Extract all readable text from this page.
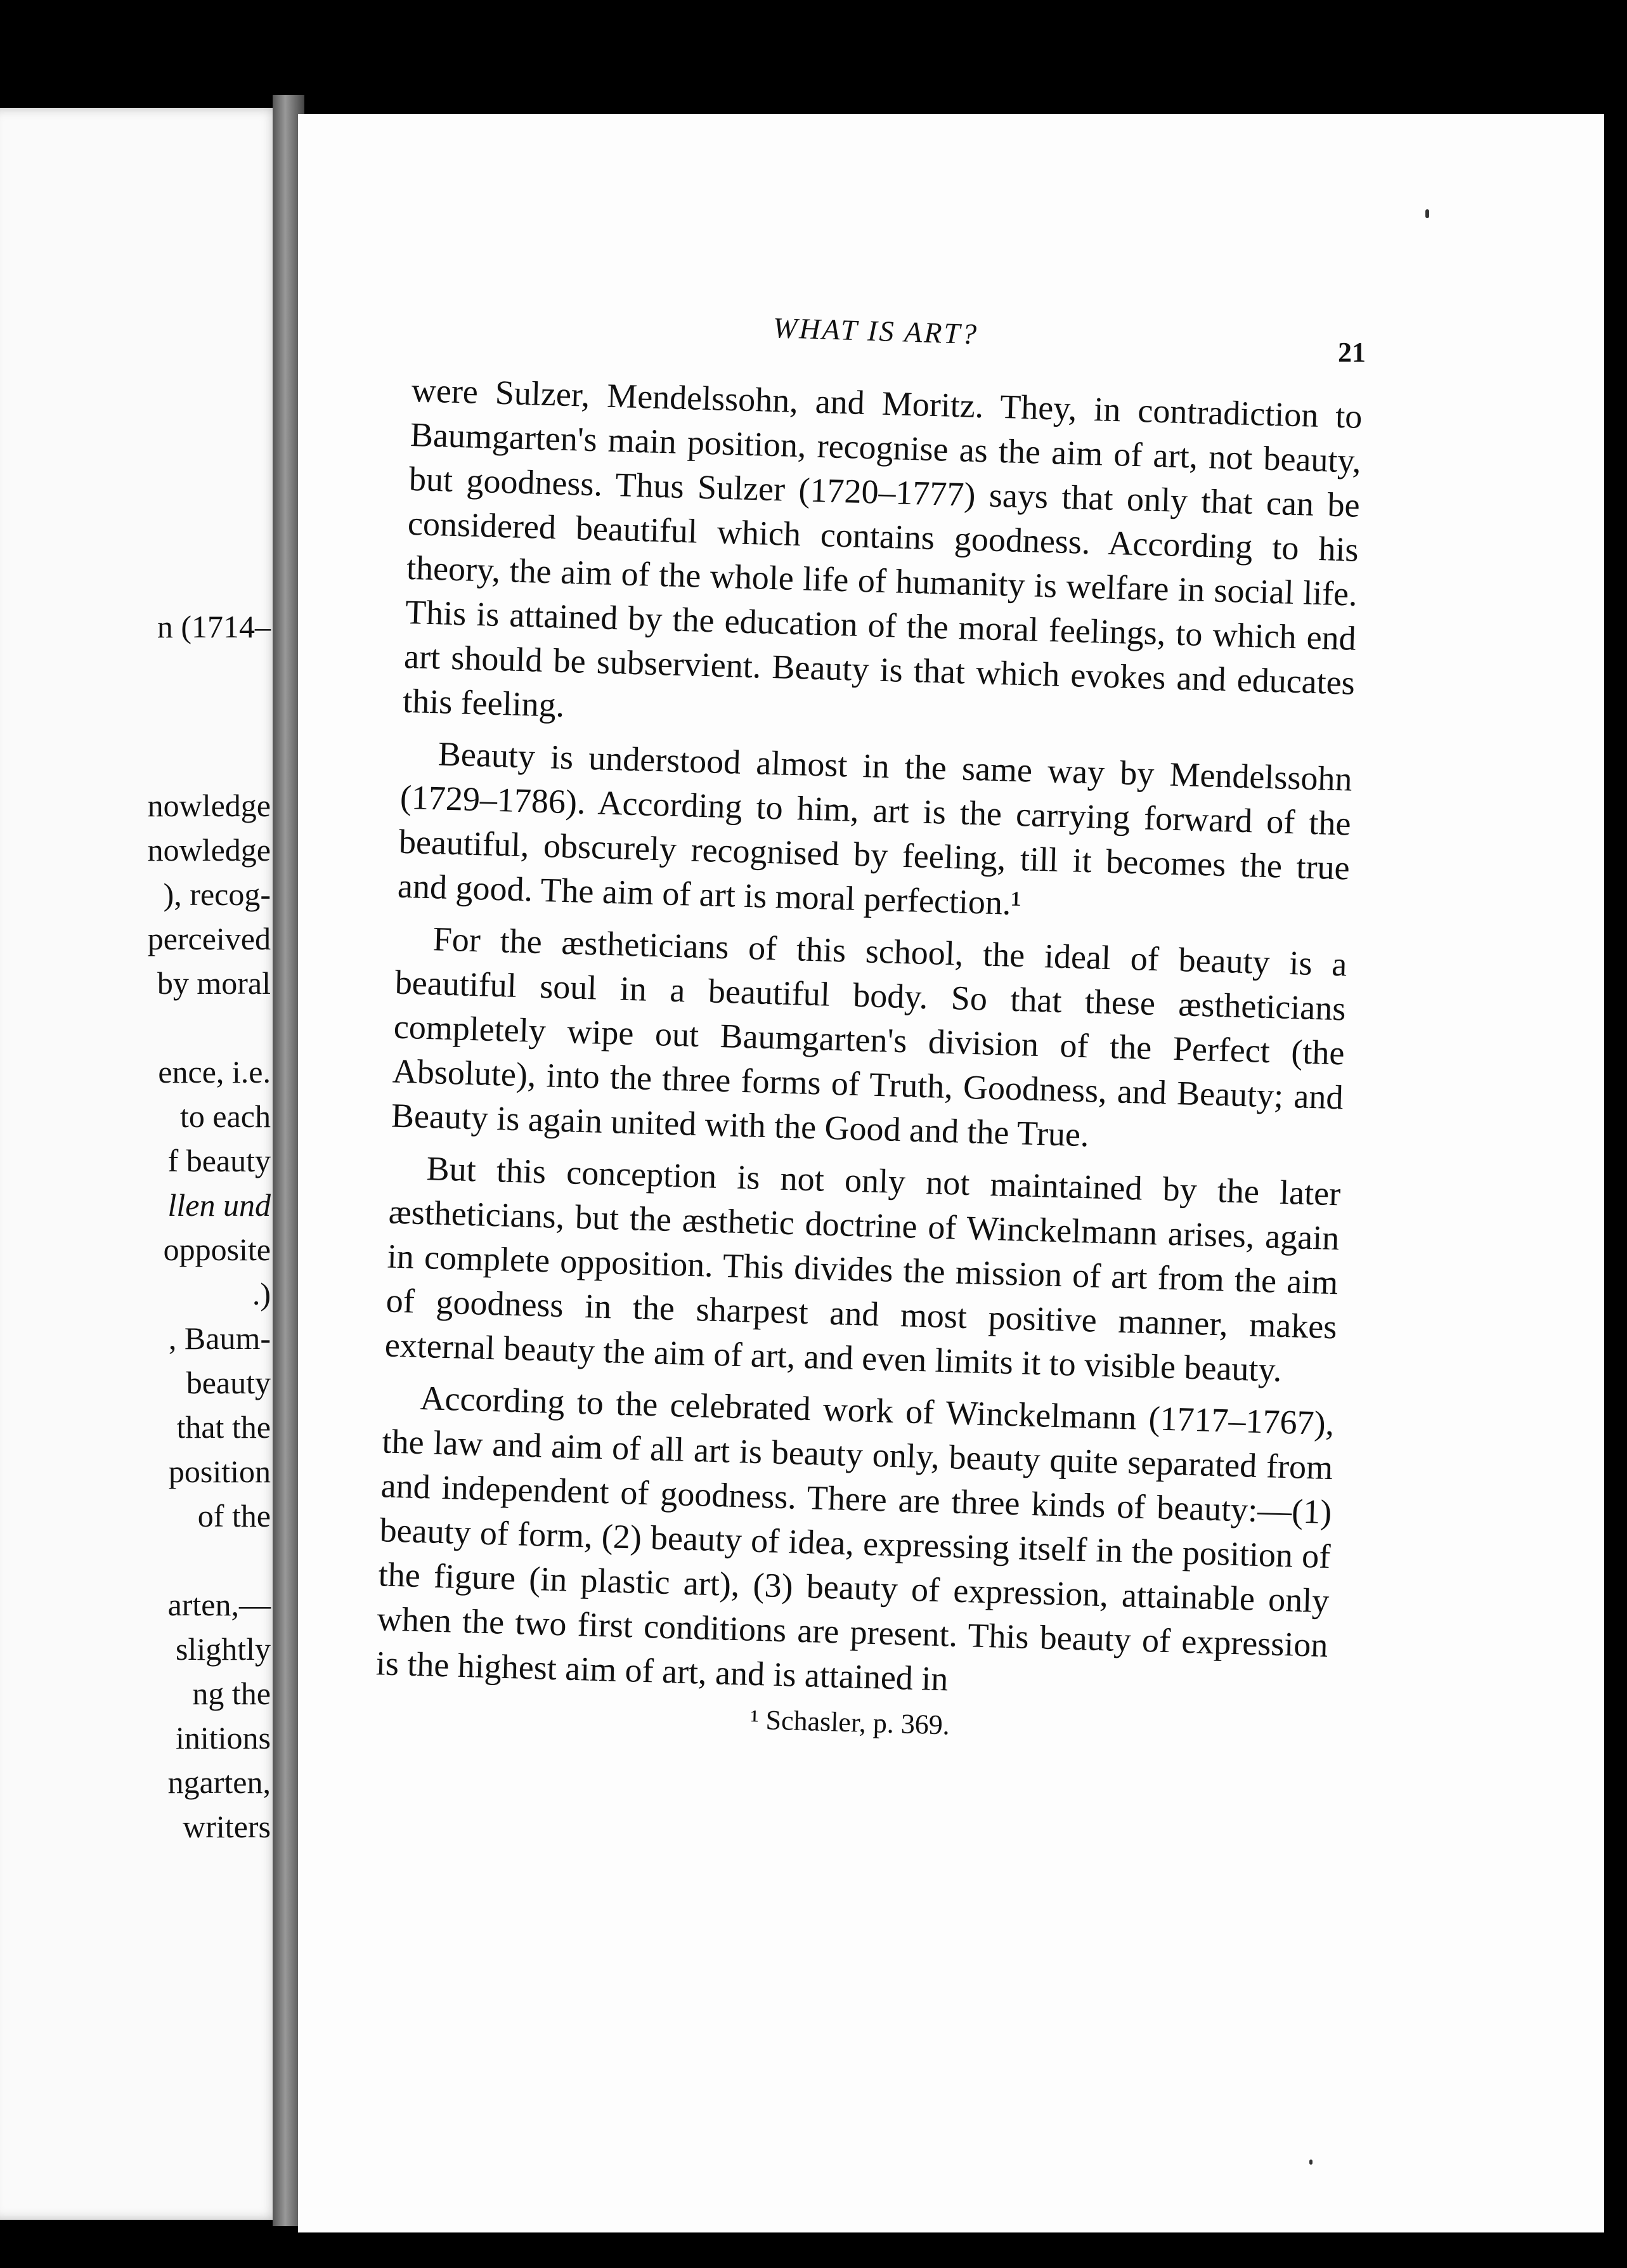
n (1714–
nowledge
nowledge
), recog-
perceived
by moral
ence, i.e.
to each
f beauty
llen und
opposite
.)
, Baum-
beauty
that the
position
of the
arten,—
slightly
ng the
initions
ngarten,
writers
WHAT IS ART?
21

were Sulzer, Mendelssohn, and Moritz. They, in contradiction to Baumgarten's main position, recognise as the aim of art, not beauty, but goodness. Thus Sulzer (1720–1777) says that only that can be considered beautiful which contains goodness. According to his theory, the aim of the whole life of humanity is welfare in social life. This is attained by the education of the moral feelings, to which end art should be subservient. Beauty is that which evokes and educates this feeling.

Beauty is understood almost in the same way by Mendelssohn (1729–1786). According to him, art is the carrying forward of the beautiful, obscurely recognised by feeling, till it becomes the true and good. The aim of art is moral perfection.¹

For the æstheticians of this school, the ideal of beauty is a beautiful soul in a beautiful body. So that these æstheticians completely wipe out Baumgarten's division of the Perfect (the Absolute), into the three forms of Truth, Goodness, and Beauty; and Beauty is again united with the Good and the True.

But this conception is not only not maintained by the later æstheticians, but the æsthetic doctrine of Winckelmann arises, again in complete opposition. This divides the mission of art from the aim of goodness in the sharpest and most positive manner, makes external beauty the aim of art, and even limits it to visible beauty.

According to the celebrated work of Winckelmann (1717–1767), the law and aim of all art is beauty only, beauty quite separated from and independent of goodness. There are three kinds of beauty:—(1) beauty of form, (2) beauty of idea, expressing itself in the position of the figure (in plastic art), (3) beauty of expression, attainable only when the two first conditions are present. This beauty of expression is the highest aim of art, and is attained in

¹ Schasler, p. 369.
